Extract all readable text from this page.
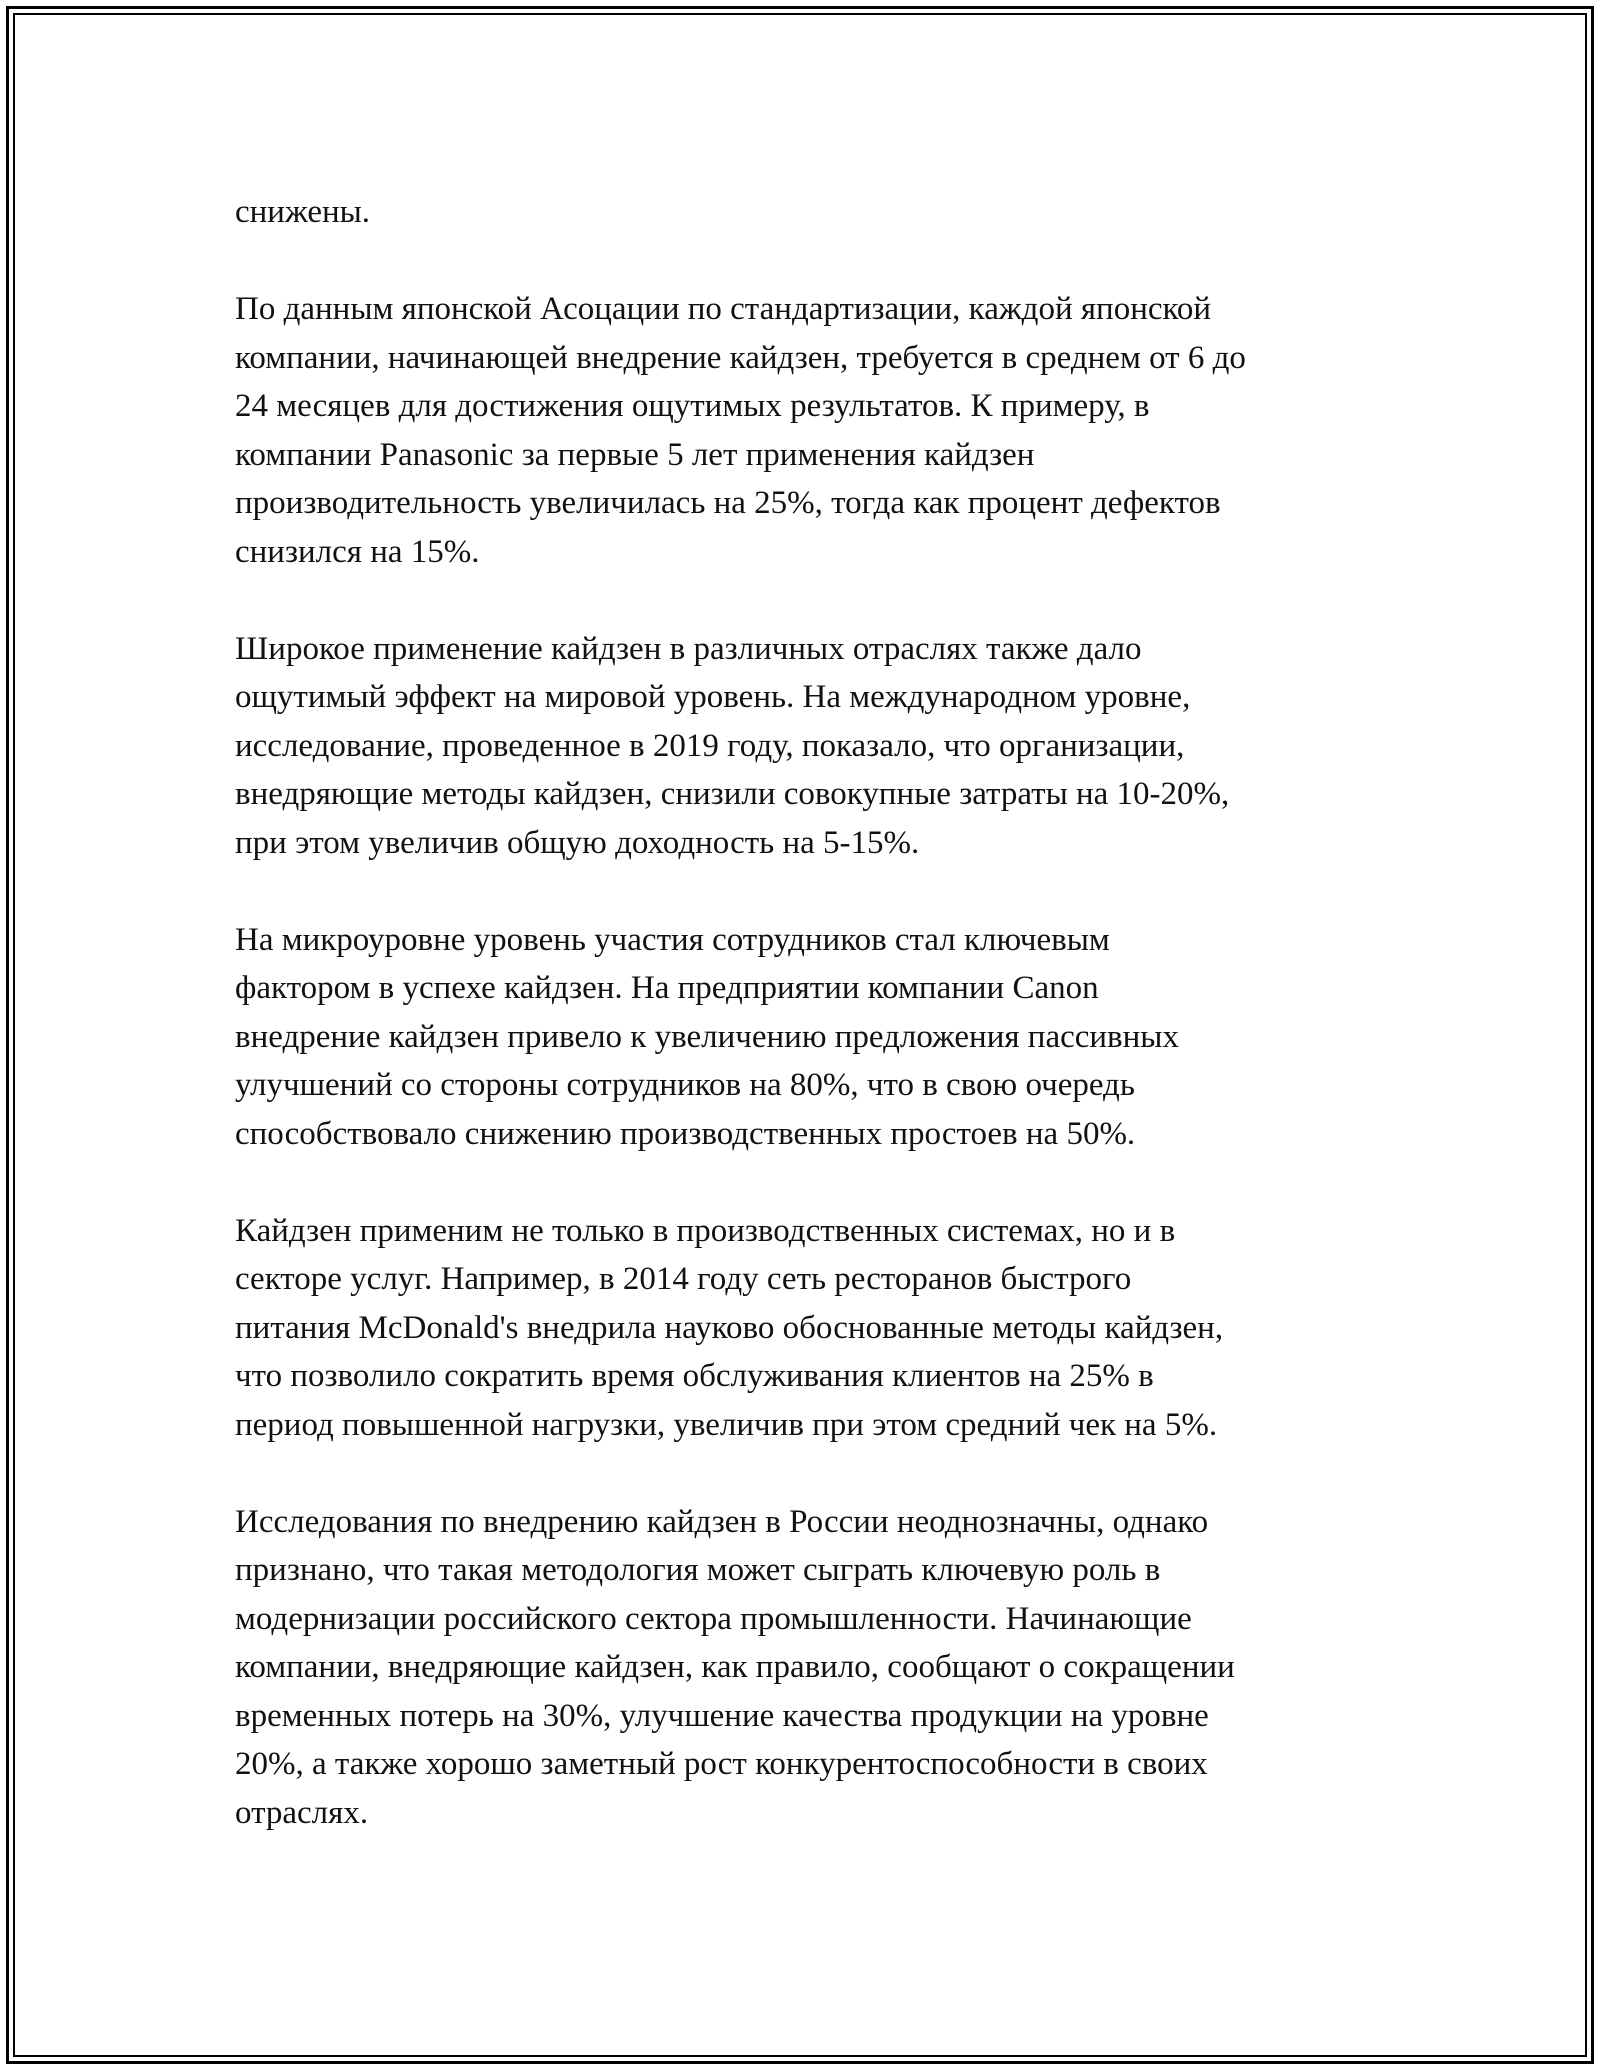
снижены.
По данным японской Асоцации по стандартизации, каждой японской
компании, начинающей внедрение кайдзен, требуется в среднем от 6 до
24 месяцев для достижения ощутимых результатов. К примеру, в
компании Panasonic за первые 5 лет применения кайдзен
производительность увеличилась на 25%, тогда как процент дефектов
снизился на 15%.
Широкое применение кайдзен в различных отраслях также дало
ощутимый эффект на мировой уровень. На международном уровне,
исследование, проведенное в 2019 году, показало, что организации,
внедряющие методы кайдзен, снизили совокупные затраты на 10-20%,
при этом увеличив общую доходность на 5-15%.
На микроуровне уровень участия сотрудников стал ключевым
фактором в успехе кайдзен. На предприятии компании Canon
внедрение кайдзен привело к увеличению предложения пассивных
улучшений со стороны сотрудников на 80%, что в свою очередь
способствовало снижению производственных простоев на 50%.
Кайдзен применим не только в производственных системах, но и в
секторе услуг. Например, в 2014 году сеть ресторанов быстрого
питания McDonald's внедрила науково обоснованные методы кайдзен,
что позволило сократить время обслуживания клиентов на 25% в
период повышенной нагрузки, увеличив при этом средний чек на 5%.
Исследования по внедрению кайдзен в России неоднозначны, однако
признано, что такая методология может сыграть ключевую роль в
модернизации российского сектора промышленности. Начинающие
компании, внедряющие кайдзен, как правило, сообщают о сокращении
временных потерь на 30%, улучшение качества продукции на уровне
20%, а также хорошо заметный рост конкурентоспособности в своих
отраслях.
